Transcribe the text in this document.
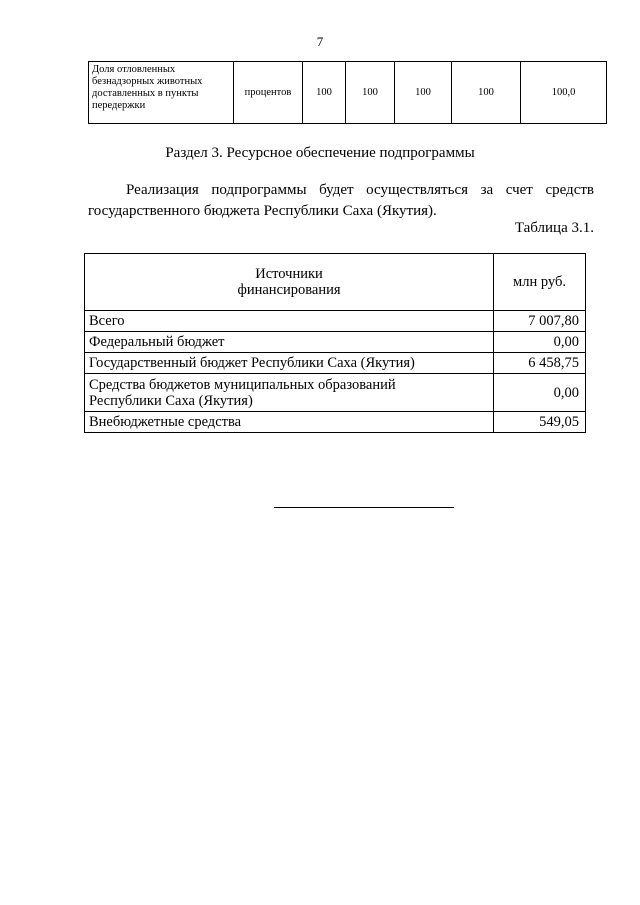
7
Доля отловленных безнадзорных животных доставленных в пункты передержки	процентов	100	100	100	100	100,0
Раздел 3. Ресурсное обеспечение подпрограммы
Реализация подпрограммы будет осуществляться за счет средств государственного бюджета Республики Саха (Якутия).
Таблица 3.1.
Источники финансирования	млн руб.
Всего	7 007,80
Федеральный бюджет	0,00
Государственный бюджет Республики Саха (Якутия)	6 458,75

Средства бюджетов муниципальных образований Республики Саха (Якутия)	0,00
Внебюджетные средства	549,05
